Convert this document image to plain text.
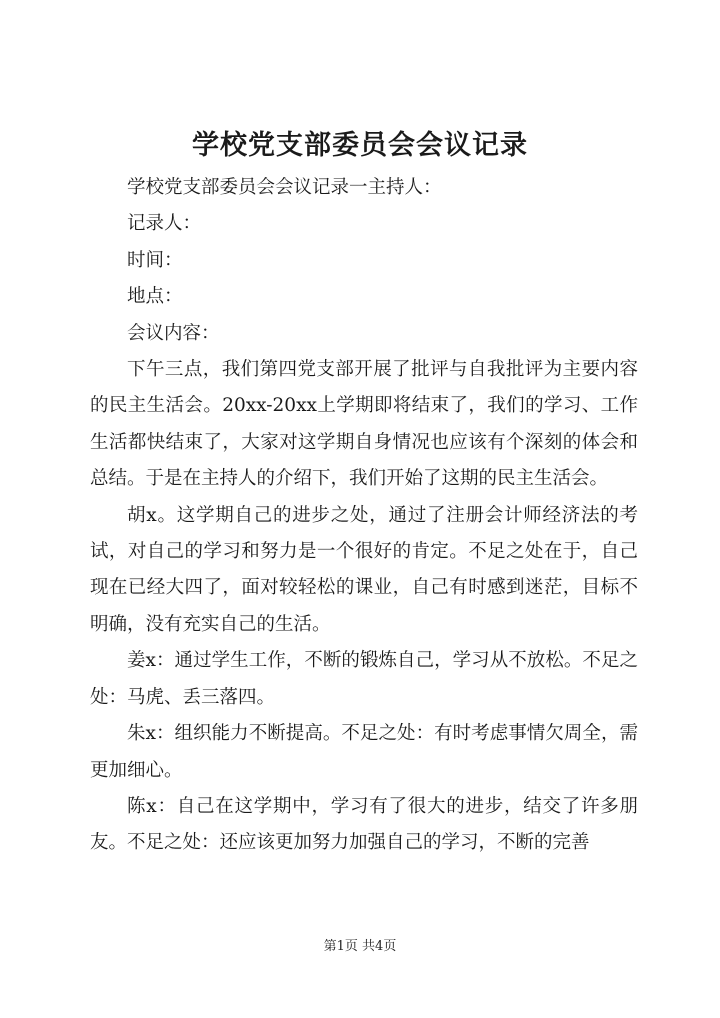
学校党支部委员会会议记录

学校党支部委员会会议记录一主持人：

记录人：

时间：

地点：

会议内容：

下午三点，我们第四党支部开展了批评与自我批评为主要内容的民主生活会。20xx-20xx上学期即将结束了，我们的学习、工作生活都快结束了，大家对这学期自身情况也应该有个深刻的体会和总结。于是在主持人的介绍下，我们开始了这期的民主生活会。

胡x。这学期自己的进步之处，通过了注册会计师经济法的考试，对自己的学习和努力是一个很好的肯定。不足之处在于，自己现在已经大四了，面对较轻松的课业，自己有时感到迷茫，目标不明确，没有充实自己的生活。

姜x：通过学生工作，不断的锻炼自己，学习从不放松。不足之处：马虎、丢三落四。

朱x：组织能力不断提高。不足之处：有时考虑事情欠周全，需更加细心。

陈x：自己在这学期中，学习有了很大的进步，结交了许多朋友。不足之处：还应该更加努力加强自己的学习，不断的完善

第1页 共4页
